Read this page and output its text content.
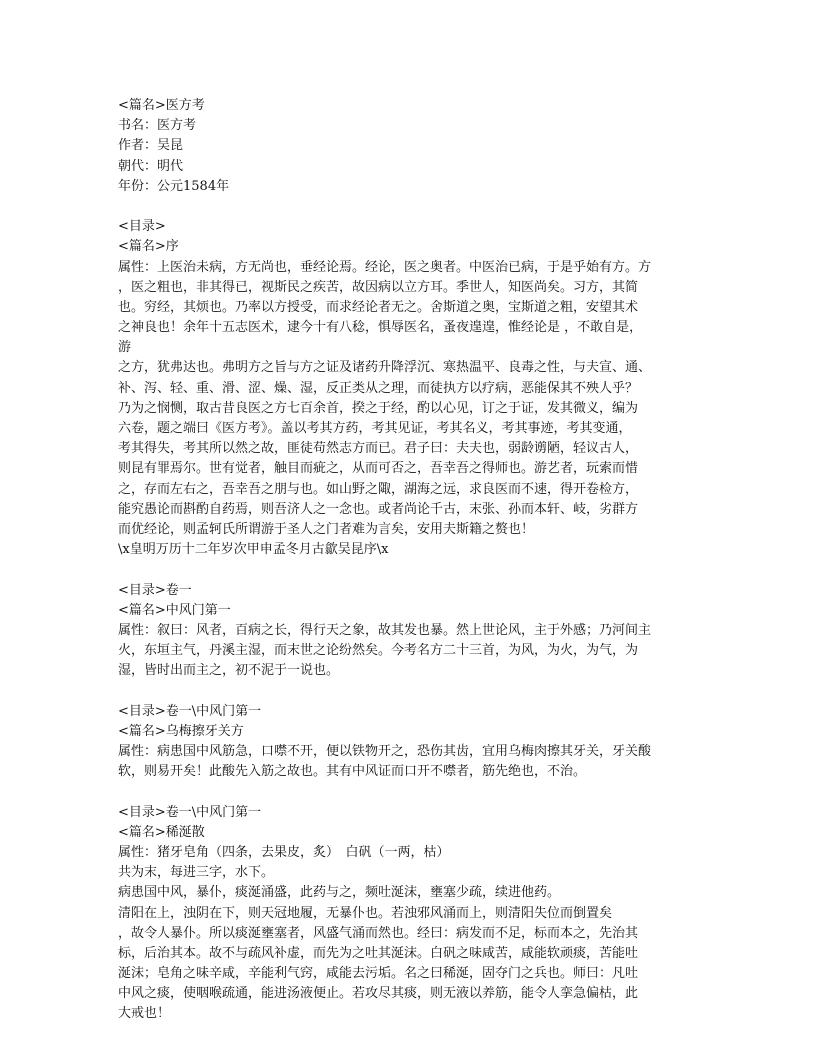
<篇名>医方考
书名：医方考
作者：吴昆
朝代：明代
年份：公元1584年
<目录>
<篇名>序
属性：上医治未病，方无尚也，垂经论焉。经论，医之奥者。中医治已病，于是乎始有方。方
，医之粗也，非其得已，视斯民之疾苦，故因病以立方耳。季世人，知医尚矣。习方，其简
也。穷经，其烦也。乃率以方授受，而求经论者无之。舍斯道之奥，宝斯道之粗，安望其术
之神良也！余年十五志医术，逮今十有八稔，惧辱医名，蚤夜遑遑，惟经论是 ，不敢自是，
游
之方，犹弗达也。弗明方之旨与方之证及诸药升降浮沉、寒热温平、良毒之性，与夫宣、通、
补、泻、轻、重、滑、涩、燥、湿，反正类从之理，而徒执方以疗病，恶能保其不殃人乎？
乃为之悯恻，取古昔良医之方七百余首，揆之于经，酌以心见，订之于证，发其微义，编为
六卷，题之端曰《医方考》。盖以考其方药，考其见证，考其名义，考其事迹，考其变通，
考其得失，考其所以然之故，匪徒苟然志方而已。君子曰：夫夫也，弱龄谫陋，轻议古人，
则昆有罪焉尔。世有觉者，触目而疵之，从而可否之，吾幸吾之得师也。游艺者，玩索而惜
之，存而左右之，吾幸吾之朋与也。如山野之陬，湖海之远，求良医而不速，得开卷检方，
能究愚论而斟酌自药焉，则吾济人之一念也。或者尚论千古，末张、孙而本轩、岐，劣群方
而优经论，则孟轲氏所谓游于圣人之门者难为言矣，安用夫斯籍之赘也！
\x皇明万历十二年岁次甲申孟冬月古歙吴昆序\x
<目录>卷一
<篇名>中风门第一
属性：叙曰：风者，百病之长，得行天之象，故其发也暴。然上世论风，主于外感；乃河间主
火，东垣主气，丹溪主湿，而末世之论纷然矣。今考名方二十三首，为风，为火，为气，为
湿，皆时出而主之，初不泥于一说也。
<目录>卷一\中风门第一
<篇名>乌梅擦牙关方
属性：病患国中风筋急，口噤不开，便以铁物开之，恐伤其齿，宜用乌梅肉擦其牙关，牙关酸
软，则易开矣！此酸先入筋之故也。其有中风证而口开不噤者，筋先绝也，不治。
<目录>卷一\中风门第一
<篇名>稀涎散
属性：猪牙皂角（四条，去果皮，炙）　白矾（一两，枯）
共为末，每进三字，水下。
病患国中风，暴仆，痰涎涌盛，此药与之，频吐涎沫，壅塞少疏，续进他药。
清阳在上，浊阴在下，则天冠地履，无暴仆也。若浊邪风涌而上，则清阳失位而倒置矣
，故令人暴仆。所以痰涎壅塞者，风盛气涌而然也。经曰：病发而不足，标而本之，先治其
标，后治其本。故不与疏风补虚，而先为之吐其涎沫。白矾之味咸苦，咸能软顽痰，苦能吐
涎沫；皂角之味辛咸，辛能利气窍，咸能去污垢。名之曰稀涎，固夺门之兵也。师曰：凡吐
中风之痰，使咽喉疏通，能进汤液便止。若攻尽其痰，则无液以养筋，能令人挛急偏枯，此
大戒也！
